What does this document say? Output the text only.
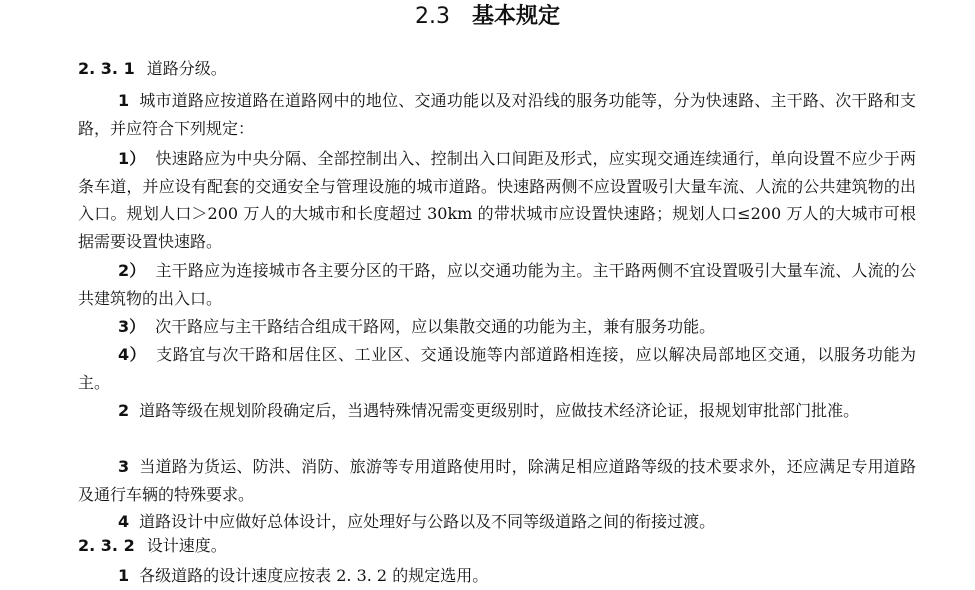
2.3 基本规定
2. 3. 1 道路分级。
1 城市道路应按道路在道路网中的地位、交通功能以及对沿线的服务功能等，分为快速路、主干路、次干路和支路，并应符合下列规定：
1） 快速路应为中央分隔、全部控制出入、控制出入口间距及形式，应实现交通连续通行，单向设置不应少于两条车道，并应设有配套的交通安全与管理设施的城市道路。快速路两侧不应设置吸引大量车流、人流的公共建筑物的出入口。规划人口＞200 万人的大城市和长度超过 30km 的带状城市应设置快速路；规划人口≤200 万人的大城市可根据需要设置快速路。
2） 主干路应为连接城市各主要分区的干路，应以交通功能为主。主干路两侧不宜设置吸引大量车流、人流的公共建筑物的出入口。
3） 次干路应与主干路结合组成干路网，应以集散交通的功能为主，兼有服务功能。
4） 支路宜与次干路和居住区、工业区、交通设施等内部道路相连接，应以解决局部地区交通，以服务功能为主。
2 道路等级在规划阶段确定后，当遇特殊情况需变更级别时，应做技术经济论证，报规划审批部门批准。
3 当道路为货运、防洪、消防、旅游等专用道路使用时，除满足相应道路等级的技术要求外，还应满足专用道路及通行车辆的特殊要求。
4 道路设计中应做好总体设计，应处理好与公路以及不同等级道路之间的衔接过渡。
2. 3. 2 设计速度。
1 各级道路的设计速度应按表 2. 3. 2 的规定选用。
